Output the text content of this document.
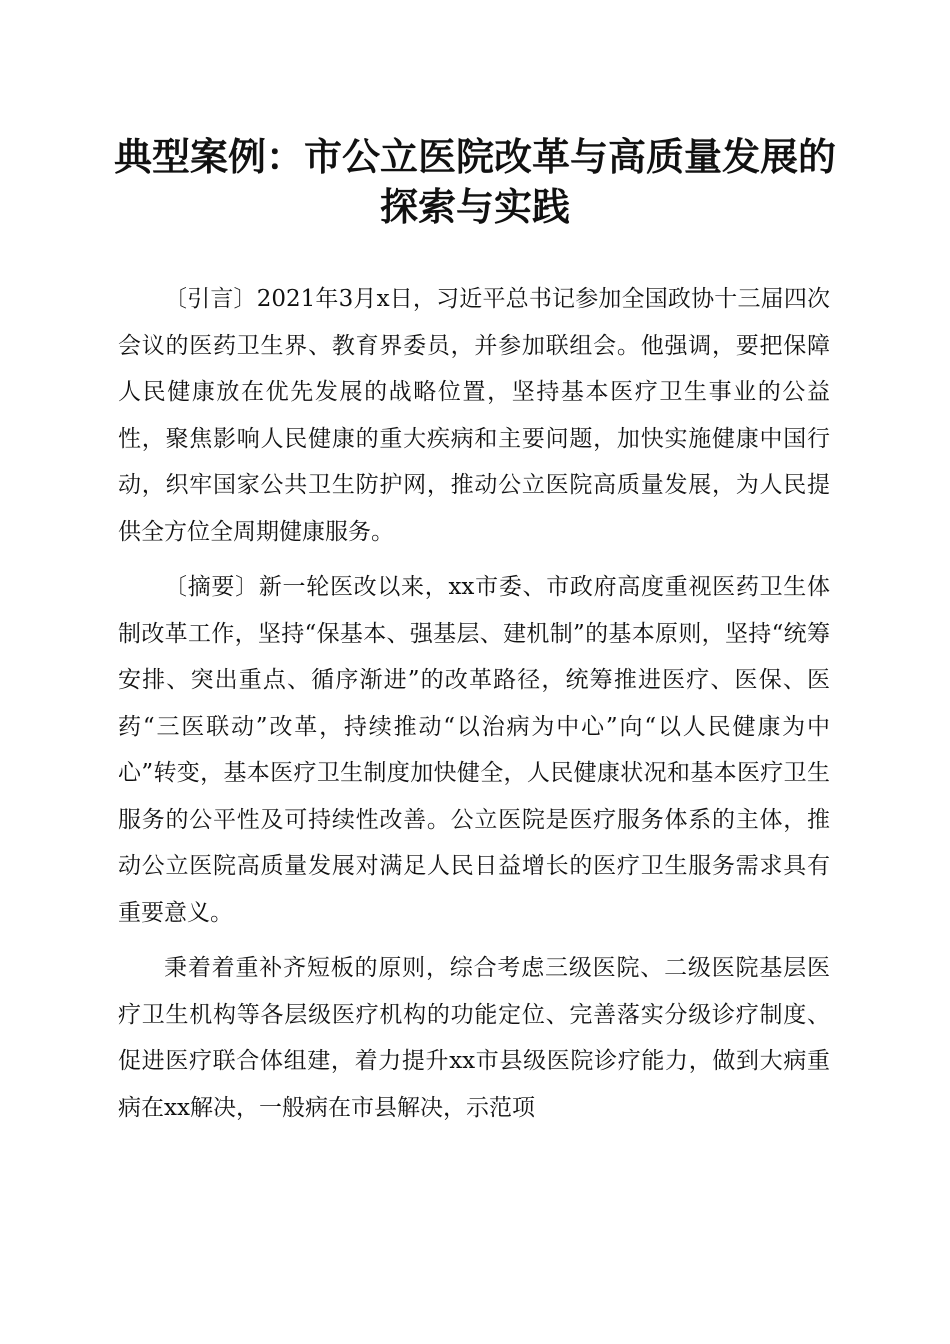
典型案例：市公立医院改革与高质量发展的探索与实践

〔引言〕2021年3月x日，习近平总书记参加全国政协十三届四次会议的医药卫生界、教育界委员，并参加联组会。他强调，要把保障人民健康放在优先发展的战略位置，坚持基本医疗卫生事业的公益性，聚焦影响人民健康的重大疾病和主要问题，加快实施健康中国行动，织牢国家公共卫生防护网，推动公立医院高质量发展，为人民提供全方位全周期健康服务。

〔摘要〕新一轮医改以来，xx市委、市政府高度重视医药卫生体制改革工作，坚持“保基本、强基层、建机制”的基本原则，坚持“统筹安排、突出重点、循序渐进”的改革路径，统筹推进医疗、医保、医药“三医联动”改革，持续推动“以治病为中心”向“以人民健康为中心”转变，基本医疗卫生制度加快健全，人民健康状况和基本医疗卫生服务的公平性及可持续性改善。公立医院是医疗服务体系的主体，推动公立医院高质量发展对满足人民日益增长的医疗卫生服务需求具有重要意义。

秉着着重补齐短板的原则，综合考虑三级医院、二级医院基层医疗卫生机构等各层级医疗机构的功能定位、完善落实分级诊疗制度、促进医疗联合体组建，着力提升xx市县级医院诊疗能力，做到大病重病在xx解决，一般病在市县解决，示范项
